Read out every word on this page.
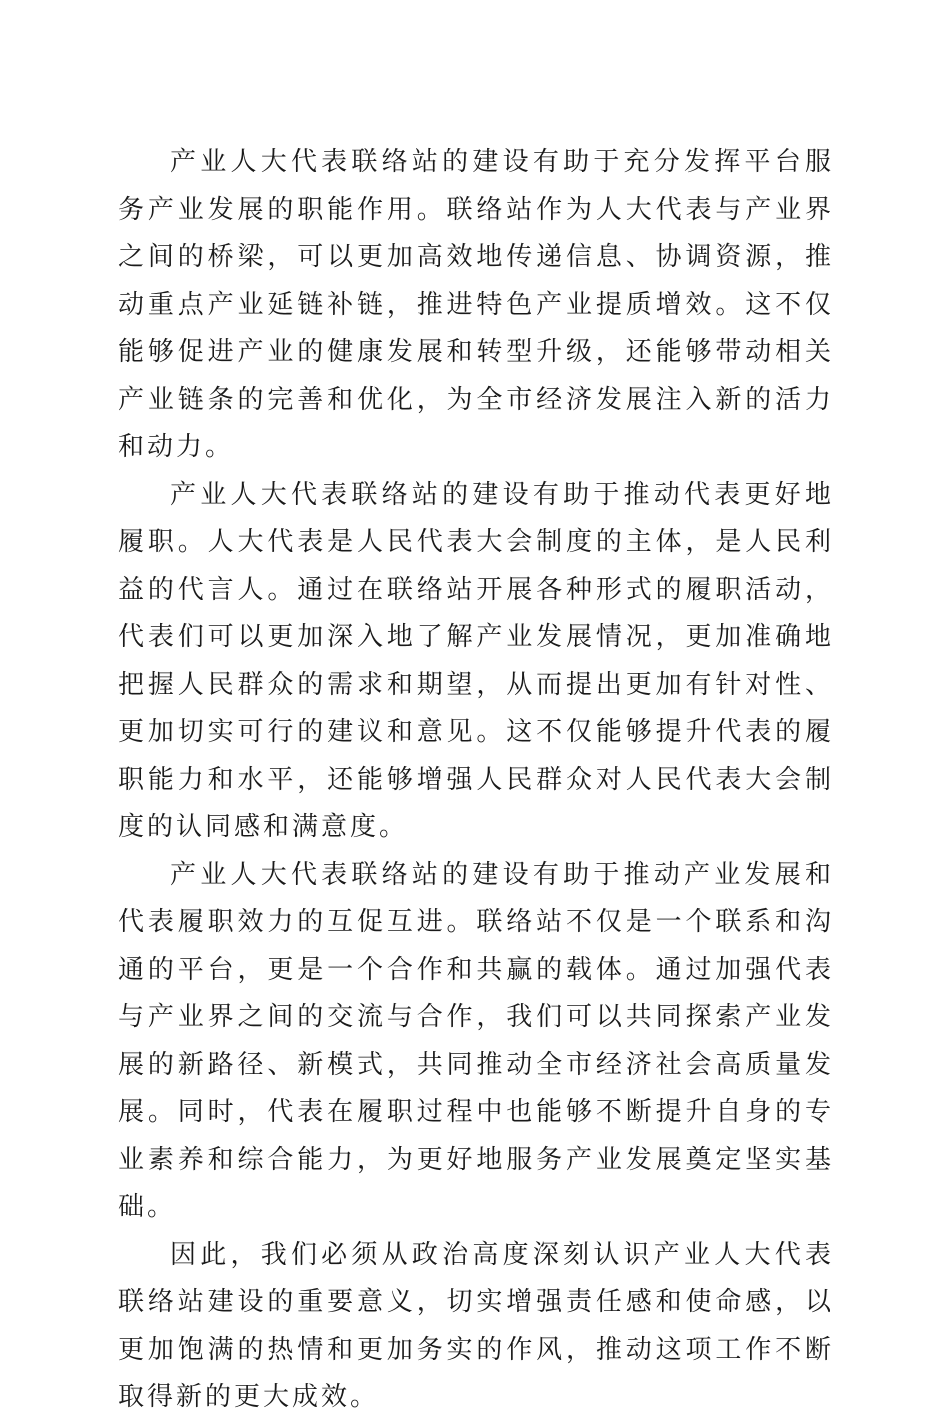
产业人大代表联络站的建设有助于充分发挥平台服务产业发展的职能作用。联络站作为人大代表与产业界之间的桥梁，可以更加高效地传递信息、协调资源，推动重点产业延链补链，推进特色产业提质增效。这不仅能够促进产业的健康发展和转型升级，还能够带动相关产业链条的完善和优化，为全市经济发展注入新的活力和动力。

产业人大代表联络站的建设有助于推动代表更好地履职。人大代表是人民代表大会制度的主体，是人民利益的代言人。通过在联络站开展各种形式的履职活动，代表们可以更加深入地了解产业发展情况，更加准确地把握人民群众的需求和期望，从而提出更加有针对性、更加切实可行的建议和意见。这不仅能够提升代表的履职能力和水平，还能够增强人民群众对人民代表大会制度的认同感和满意度。

产业人大代表联络站的建设有助于推动产业发展和代表履职效力的互促互进。联络站不仅是一个联系和沟通的平台，更是一个合作和共赢的载体。通过加强代表与产业界之间的交流与合作，我们可以共同探索产业发展的新路径、新模式，共同推动全市经济社会高质量发展。同时，代表在履职过程中也能够不断提升自身的专业素养和综合能力，为更好地服务产业发展奠定坚实基础。

因此，我们必须从政治高度深刻认识产业人大代表联络站建设的重要意义，切实增强责任感和使命感，以更加饱满的热情和更加务实的作风，推动这项工作不断取得新的更大成效。
